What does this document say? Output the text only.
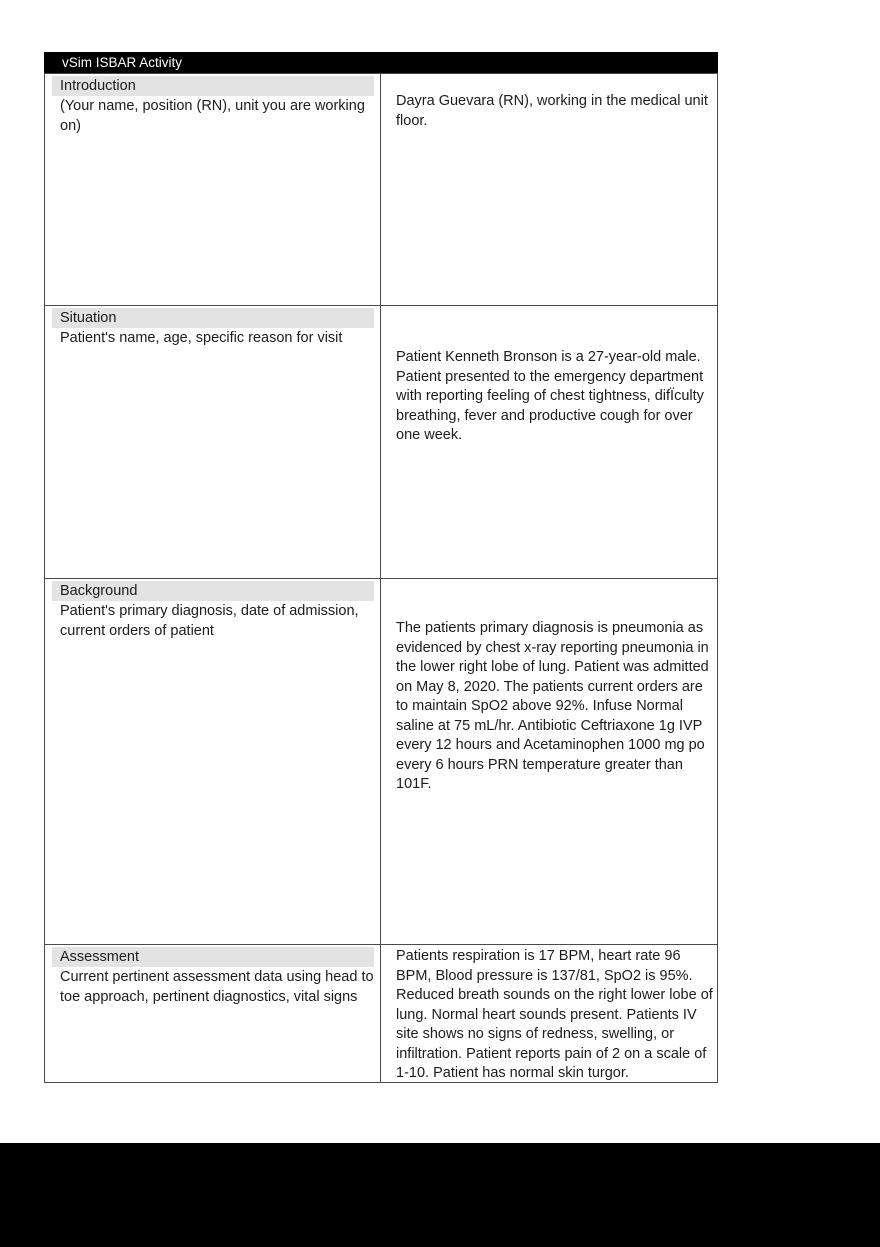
vSim ISBAR Activity
Introduction
(Your name, position (RN), unit you are working on)

Dayra Guevara (RN), working in the medical unit floor.

Situation
Patient's name, age, specific reason for visit

Patient Kenneth Bronson is a 27-year-old male. Patient presented to the emergency department with reporting feeling of chest tightness, difÏculty breathing, fever and productive cough for over one week.

Background
Patient's primary diagnosis, date of admission, current orders of patient	The patients primary diagnosis is pneumonia as evidenced by chest x-ray reporting pneumonia in the lower right lobe of lung. Patient was admitted on May 8, 2020. The patients current orders are to maintain SpO2 above 92%. Infuse Normal saline at 75 mL/hr. Antibiotic Ceftriaxone 1g IVP every 12 hours and Acetaminophen 1000 mg po every 6 hours PRN temperature greater than 101F.

Assessment
Current pertinent assessment data using head to toe approach, pertinent diagnostics, vital signs

Patients respiration is 17 BPM, heart rate 96 BPM, Blood pressure is 137/81, SpO2 is 95%. Reduced breath sounds on the right lower lobe of lung. Normal heart sounds present. Patients IV site shows no signs of redness, swelling, or infiltration. Patient reports pain of 2 on a scale of 1-10. Patient has normal skin turgor.
